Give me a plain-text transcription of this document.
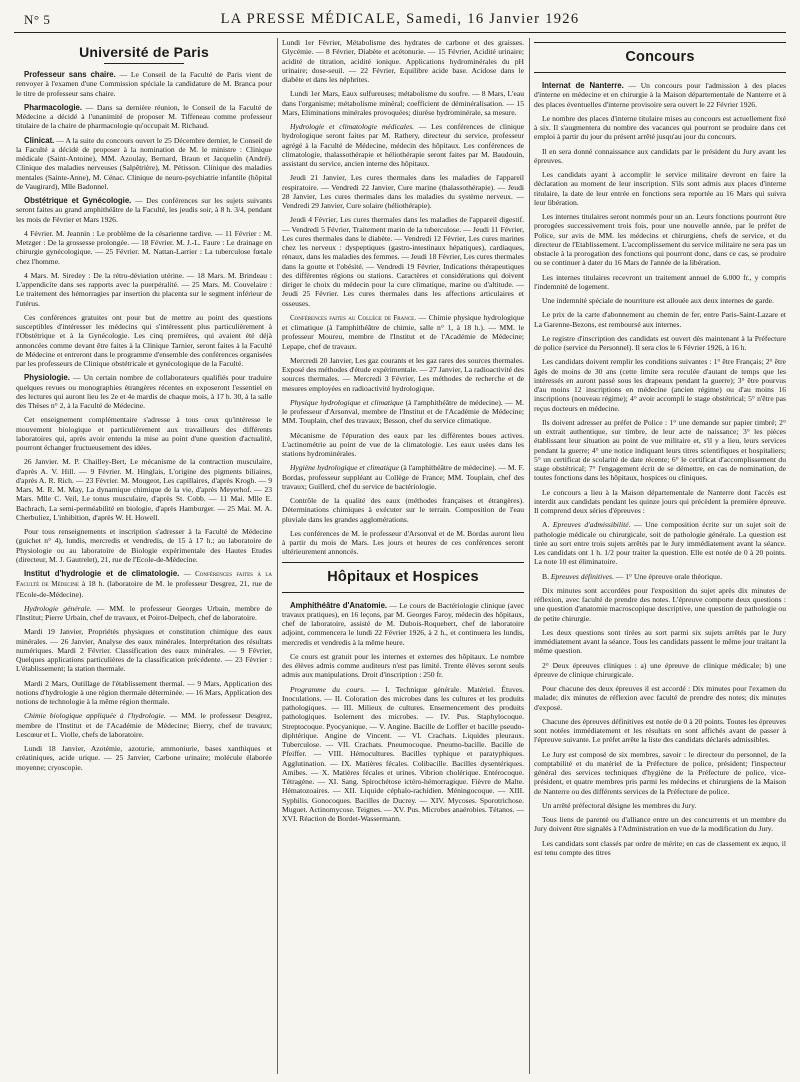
N° 5	LA PRESSE MÉDICALE, Samedi, 16 Janvier 1926
Université de Paris

Professeur sans chaire. — Le Conseil de la Faculté de Paris vient de renvoyer à l'examen d'une Commission spéciale la candidature de M. Branca pour le titre de professeur sans chaire.

Pharmacologie. — Dans sa dernière réunion, le Conseil de la Faculté de Médecine a décidé à l'unanimité de proposer M. Tiffeneau comme professeur titulaire de la chaire de pharmacologie qu'occupait M. Richaud.

Clinicat. — A la suite du concours ouvert le 25 Décembre dernier, le Conseil de la Faculté a décidé de proposer à la nomination de M. le ministre : Clinique médicale (Saint-Antoine), MM. Azoulay, Bernard, Braun et Jacquelin (André). Clinique des maladies nerveuses (Salpêtrière), M. Pétisson. Clinique des maladies mentales (Sainte-Anne), M. Cénac. Clinique de neuro-psychiatrie infantile (hôpital de Vaugirard), Mlle Badonnel.

Obstétrique et Gynécologie. — Des conférences sur les sujets suivants seront faites au grand amphithéâtre de la Faculté, les jeudis soir, à 8 h. 3/4, pendant les mois de Février et Mars 1926.

4 Février. M. Jeannin : Le problème de la césarienne tardive. — 11 Février : M. Metzger : De la grossesse prolongée. — 18 Février. M. J.-L. Faure : Le drainage en chirurgie gynécologique. — 25 Février. M. Nattan-Larrier : La tuberculose fœtale chez l'homme.

4 Mars. M. Siredey : De la rétro-déviation utérine. — 18 Mars. M. Brindeau : L'appendicite dans ses rapports avec la puerpéralité. — 25 Mars. M. Couvelaire : Le traitement des hémorragies par insertion du placenta sur le segment inférieur de l'utérus.

Ces conférences gratuites ont pour but de mettre au point des questions susceptibles d'intéresser les médecins qui s'intéressent plus particulièrement à l'Obstétrique et à la Gynécologie. Les cinq premières, qui avaient été déjà annoncées comme devant être faites à la Clinique Tarnier, seront faites à la Faculté de Médecine et entreront dans le programme d'ensemble des conférences organisées par les professeurs de Clinique obstétricale et gynécologique de la Faculté.

Physiologie. — Un certain nombre de collaborateurs qualifiés pour traduire quelques revues ou monographies étrangères récentes en exposeront l'essentiel en des lectures qui auront lieu les 2e et 4e mardis de chaque mois, à 17 h. 30, à la salle des Thèses n° 2, à la Faculté de Médecine.

Cet enseignement complémentaire s'adresse à tous ceux qu'intéresse le mouvement biologique et particulièrement aux travailleurs des différents laboratoires qui, après avoir entendu la mise au point d'une question d'actualité, pourront échanger fructueusement des idées.

26 Janvier. M. P. Chailley-Bert, Le mécanisme de la contraction musculaire, d'après A. V. Hill. — 9 Février. M. Hinglais, L'origine des pigments biliaires, d'après A. R. Rich. — 23 Février. M. Mougeot, Les capillaires, d'après Krogh. — 9 Mars. M. R. M. May, La dynamique chimique de la vie, d'après Meyerhof. — 23 Mars. Mlle C. Veil, Le tonus musculaire, d'après St. Cobb. — 11 Mai. Mlle E. Bachrach, La semi-perméabilité en biologie, d'après Hamburger. — 25 Mai. M. A. Cherbuliez, L'inhibition, d'après W. H. Howell.

Pour tous renseignements et inscription s'adresser à la Faculté de Médecine (guichet n° 4), lundis, mercredis et vendredis, de 15 à 17 h.; au laboratoire de Physiologie ou au laboratoire de Biologie expérimentale des Hautes Etudes (directeur, M. J. Gautrelet), 21, rue de l'Ecole-de-Médecine.

Institut d'hydrologie et de climatologie. — Conférences faites à la Faculté de Médecine à 18 h. (laboratoire de M. le professeur Desgrez, 21, rue de l'Ecole-de-Médecine).

Hydrologie générale. — MM. le professeur Georges Urbain, membre de l'Institut; Pierre Urbain, chef de travaux, et Poirot-Delpech, chef de laboratoire.

Mardi 19 Janvier, Propriétés physiques et constitution chimique des eaux minérales. — 26 Janvier, Analyse des eaux minérales. Interprétation des résultats numériques. Mardi 2 Février. Classification des eaux minérales. — 9 Février, Quelques applications particulières de la classification précédente. — 23 Février : L'établissement; la station thermale.

Mardi 2 Mars, Outillage de l'établissement thermal. — 9 Mars, Application des notions d'hydrologie à une région thermale déterminée. — 16 Mars, Application des notions de technologie à la même région thermale.

Chimie biologique appliquée à l'hydrologie. — MM. le professeur Desgrez, membre de l'Institut et de l'Académie de Médecine; Bierry, chef de travaux; Lescœur et L. Violle, chefs de laboratoire.

Lundi 18 Janvier, Azotémie, azoturie, ammoniurie, bases xanthiques et créatiniques, acide urique. — 25 Janvier, Carbone urinaire; molécule élaborée moyenne; cryoscopie.

Lundi 1er Février, Métabolisme des hydrates de carbone et des graisses. Glycémie. — 8 Février, Diabète et acétonurie. — 15 Février, Acidité urinaire; acidité de titration, acidité ionique. Applications hydrominérales du pH urinaire; dose-seuil. — 22 Février, Equilibre acide base. Acidose dans le diabète et dans les néphrites.

Lundi 1er Mars, Eaux sulfureuses; métabolisme du soufre. — 8 Mars, L'eau dans l'organisme; métabolisme minéral; coefficient de déminéralisation. — 15 Mars, Eliminations minérales provoquées; diurèse hydrominérale, sa mesure.

Hydrologie et climatologie médicales. — Les conférences de clinique hydrologique seront faites par M. Rathery, directeur du service, professeur agrégé à la Faculté de Médecine, médecin des hôpitaux. Les conférences de climatologie, thalassothérapie et héliothérapie seront faites par M. Baudouin, assistant du service, ancien interne des hôpitaux.

Jeudi 21 Janvier, Les cures thermales dans les maladies de l'appareil respiratoire. — Vendredi 22 Janvier, Cure marine (thalassothérapie). — Jeudi 28 Janvier, Les cures thermales dans les maladies du système nerveux. — Vendredi 29 Janvier, Cure solaire (héliothérapie).

Jeudi 4 Février, Les cures thermales dans les maladies de l'appareil digestif. — Vendredi 5 Février, Traitement marin de la tuberculose. — Jeudi 11 Février, Les cures thermales dans le diabète. — Vendredi 12 Février, Les cures marines chez les nerveux : dyspeptiques (gastro-intestinaux hépatiques), cardiaques, rénaux, dans les maladies des femmes. — Jeudi 18 Février, Les cures thermales dans la goutte et l'obésité. — Vendredi 19 Février, Indications thérapeutiques des différentes régions ou stations. Caractères et considérations qui doivent diriger le choix du médecin pour la cure climatique, marine ou d'altitude. — Jeudi 25 Février. Les cures thermales dans les affections articulaires et osseuses.

Conférences faites au Collège de France. — Chimie physique hydrologique et climatique (à l'amphithéâtre de chimie, salle n° 1, à 18 h.). — MM. le professeur Moureu, membre de l'Institut et de l'Académie de Médecine; Lepape, chef de travaux.

Mercredi 20 Janvier, Les gaz courants et les gaz rares des sources thermales. Exposé des méthodes d'étude expérimentale. — 27 Janvier, La radioactivité des sources thermales. — Mercredi 3 Février, Les méthodes de recherche et de mesures employées en radioactivité hydrologique.

Physique hydrologique et climatique (à l'amphithéâtre de médecine). — M. le professeur d'Arsonval, membre de l'Institut et de l'Académie de Médecine; MM. Touplain, chef des travaux; Besson, chef du service climatique.

Mécanisme de l'épuration des eaux par les différentes boues actives. L'actinométrie au point de vue de la climatologie. Les eaux usées dans les stations hydrominérales.

Hygiène hydrologique et climatique (à l'amphithéâtre de médecine). — M. F. Bordas, professeur suppléant au Collège de France; MM. Touplain, chef des travaux; Guillerd, chef du service de bactériologie.

Contrôle de la qualité des eaux (méthodes françaises et étrangères). Déterminations chimiques à exécuter sur le terrain. Composition de l'eau pluviale dans les grandes agglomérations.

Les conférences de M. le professeur d'Arsonval et de M. Bordas auront lieu à partir du mois de Mars. Les jours et heures de ces conférences seront ultérieurement annoncés.

Hôpitaux et Hospices

Amphithéâtre d'Anatomie. — Le cours de Bactériologie clinique (avec travaux pratiques), en 16 leçons, par M. Georges Faroy, médecin des hôpitaux, chef de laboratoire, assisté de M. Dubois-Roquebert, chef de laboratoire adjoint, commencera le lundi 22 Février 1926, à 2 h., et continuera les lundis, mercredis et vendredis à la même heure.

Ce cours est gratuit pour les internes et externes des hôpitaux. Le nombre des élèves admis comme auditeurs n'est pas limité. Trente élèves seront seuls admis aux manipulations. Droit d'inscription : 250 fr.

Programme du cours. — I. Technique générale. Matériel. Étuves. Inoculations. — II. Coloration des microbes dans les cultures et les produits pathologiques. — III. Milieux de cultures. Ensemencement des produits pathologiques. Isolement des microbes. — IV. Pus. Staphylocoque. Streptocoque. Pyocyanique. — V. Angine. Bacille de Loffler et bacille pseudo-diphtérique. Angine de Vincent. — VI. Crachats. Liquides pleuraux. Tuberculose. — VII. Crachats. Pneumocoque. Pneumo-bacille. Bacille de Pfeiffer. — VIII. Hémocultures. Bacilles typhique et paratyphiques. Agglutination. — IX. Matières fécales. Colibacille. Bacilles dysentériques. Amibes. — X. Matières fécales et urines. Vibrion cholérique. Entérocoque. Tétragène. — XI. Sang. Spirochétose ictéro-hémorragique. Fièvre de Malte. Hématozoaires. — XII. Liquide céphalo-rachidien. Méningocoque. — XIII. Syphilis. Gonocoques. Bacilles de Ducrey. — XIV. Mycoses. Sporotrichose. Muguet. Actinomycose. Teignes. — XV. Pus. Microbes anaérobies. Tétanos. — XVI. Réaction de Bordet-Wassermann.

Concours

Internat de Nanterre. — Un concours pour l'admission à des places d'interne en médecine et en chirurgie à la Maison départementale de Nanterre et à des places éventuelles d'interne provisoire sera ouvert le 22 Février 1926.

Le nombre des places d'interne titulaire mises au concours est actuellement fixé à six. Il s'augmentera du nombre des vacances qui pourront se produire dans cet emploi à partir du jour du présent arrêté jusqu'au jour du concours.

Il en sera donné connaissance aux candidats par le président du Jury avant les épreuves.

Les candidats ayant à accomplir le service militaire devront en faire la déclaration au moment de leur inscription. S'ils sont admis aux places d'interne titulaire, la date de leur entrée en fonctions sera reportée au 16 Mars qui suivra leur libération.

Les internes titulaires seront nommés pour un an. Leurs fonctions pourront être prorogées successivement trois fois, pour une nouvelle année, par le préfet de Police, sur avis de MM. les médecins et chirurgiens, chefs de service, et du directeur de l'Etablissement. L'accomplissement du service militaire ne sera pas un obstacle à la prorogation des fonctions qui pourront donc, dans ce cas, se produire ou se continuer à dater du 16 Mars de l'année de la libération.

Les internes titulaires recevront un traitement annuel de 6.000 fr., y compris l'indemnité de logement.

Une indemnité spéciale de nourriture est allouée aux deux internes de garde.

Le prix de la carte d'abonnement au chemin de fer, entre Paris-Saint-Lazare et La Garenne-Bezons, est remboursé aux internes.

Le registre d'inscription des candidats est ouvert dès maintenant à la Préfecture de police (service du Personnel). Il sera clos le 6 Février 1926, à 16 h.

Les candidats doivent remplir les conditions suivantes : 1° être Français; 2° être âgés de moins de 30 ans (cette limite sera reculée d'autant de temps que les intéressés en auront passé sous les drapeaux pendant la guerre); 3° être pourvus d'au moins 12 inscriptions en médecine (ancien régime) ou d'au moins 16 inscriptions (nouveau régime); 4° avoir accompli le stage obstétrical; 5° n'être pas reçus docteurs en médecine.

Ils doivent adresser au préfet de Police : 1° une demande sur papier timbré; 2° un extrait authentique, sur timbre, de leur acte de naissance; 3° les pièces établissant leur situation au point de vue militaire et, s'il y a lieu, leurs services pendant la guerre; 4° une notice indiquant leurs titres scientifiques et hospitaliers; 5° un certificat de scolarité de date récente; 6° le certificat d'accomplissement du stage obstétrical; 7° l'engagement écrit de se démettre, en cas de nomination, de toutes fonctions dans les hôpitaux, hospices ou cliniques.

Le concours a lieu à la Maison départementale de Nanterre dont l'accès est interdit aux candidats pendant les quinze jours qui précèdent la première épreuve. Il comprend deux séries d'épreuves :

A. Epreuves d'admissibilité. — Une composition écrite sur un sujet soit de pathologie médicale ou chirurgicale, soit de pathologie générale. La question est tirée au sort entre trois sujets arrêtés par le Jury immédiatement avant la séance. Les candidats ont 1 h. 1/2 pour traiter la question. Elle est notée de 0 à 20 points. La note 10 est éliminatoire.

B. Epreuves définitives. — 1° Une épreuve orale théorique.

Dix minutes sont accordées pour l'exposition du sujet après dix minutes de réflexion, avec faculté de prendre des notes. L'épreuve comporte deux questions : une question d'anatomie macroscopique descriptive, une question de pathologie ou de petite chirurgie.

Les deux questions sont tirées au sort parmi six sujets arrêtés par le Jury immédiatement avant la séance. Tous les candidats passent le même jour traitant la même question.

2° Deux épreuves cliniques : a) une épreuve de clinique médicale; b) une épreuve de clinique chirurgicale.

Pour chacune des deux épreuves il est accordé : Dix minutes pour l'examen du malade; dix minutes de réflexion avec faculté de prendre des notes; dix minutes d'exposé.

Chacune des épreuves définitives est notée de 0 à 20 points. Toutes les épreuves sont notées immédiatement et les résultats en sont affichés avant de passer à l'épreuve suivante. Le préfet arrête la liste des candidats déclarés admissibles.

Le Jury est composé de six membres, savoir : le directeur du personnel, de la comptabilité et du matériel de la Préfecture de police, président; l'inspecteur général des services techniques d'hygiène de la Préfecture de police, vice-président, et quatre membres pris parmi les médecins et chirurgiens de la Maison de Nanterre ou des différents services de la Préfecture de police.

Un arrêté préfectoral désigne les membres du Jury.

Tous liens de parenté ou d'alliance entre un des concurrents et un membre du Jury doivent être signalés à l'Administration en vue de la modification du Jury.

Les candidats sont classés par ordre de mérite; en cas de classement ex æquo, il est tenu compte des titres
